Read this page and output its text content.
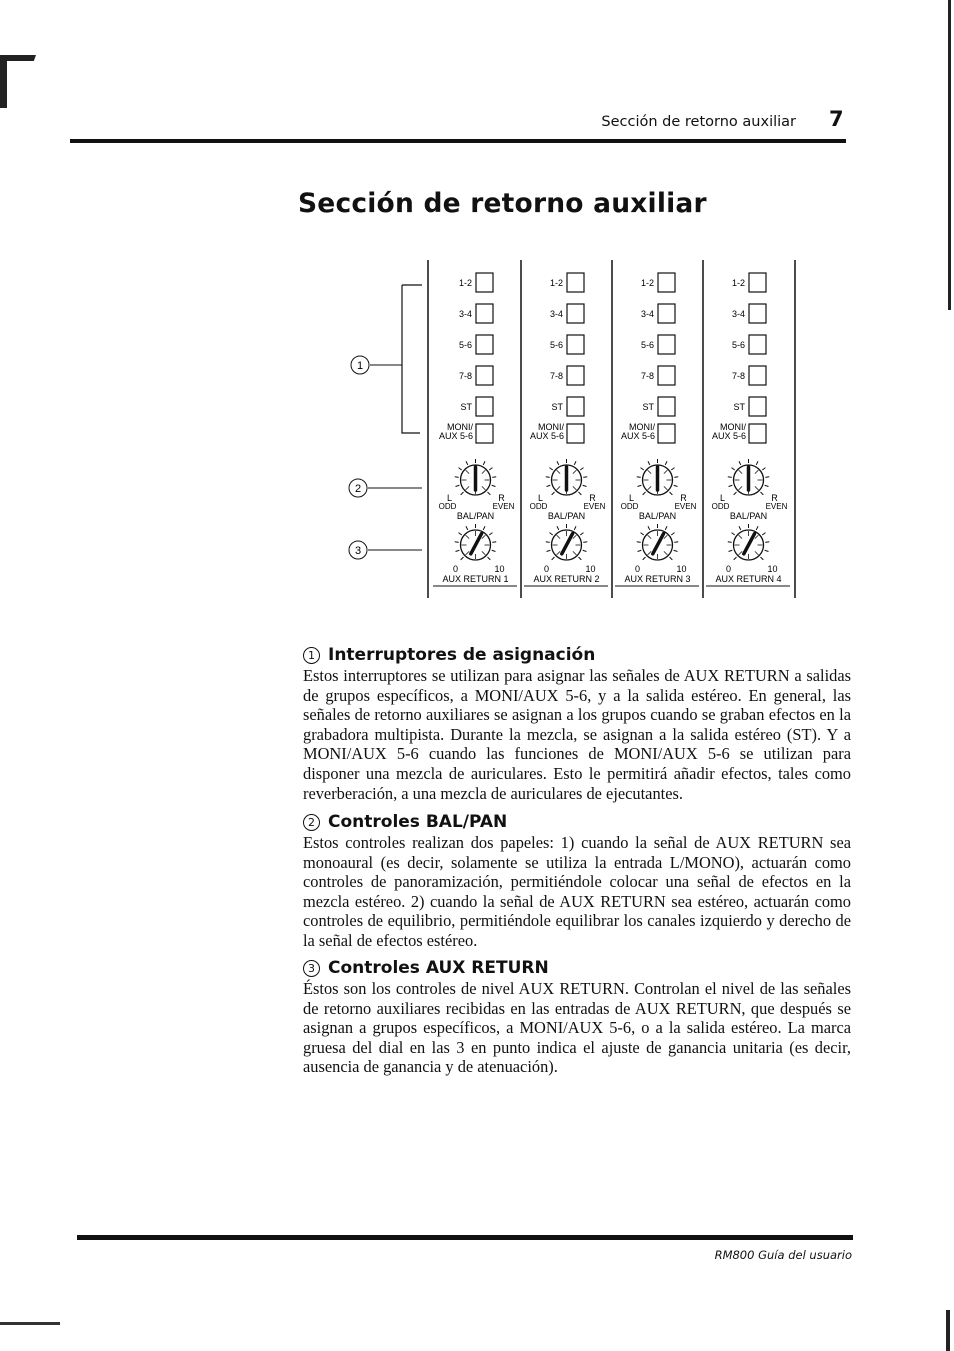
Sección de retorno auxiliar 7
Sección de retorno auxiliar
1
2
3
1-2
3-4
5-6
7-8
ST
MONI/
AUX 5-6
L	R
ODD	EVEN
BAL/PAN
0	10
AUX RETURN 1
1-2
3-4
5-6
7-8
ST
MONI/
AUX 5-6
L	R
ODD	EVEN
BAL/PAN
0	10
AUX RETURN 2
1-2
3-4
5-6
7-8
ST
MONI/
AUX 5-6
L	R
ODD	EVEN
BAL/PAN
0	10
AUX RETURN 3
1-2
3-4
5-6
7-8
ST
MONI/
AUX 5-6
L	R
ODD	EVEN
BAL/PAN
0	10
AUX RETURN 4
1 Interruptores de asignación

Estos interruptores se utilizan para asignar las señales de AUX RETURN a salidas de grupos específicos, a MONI/AUX 5-6, y a la salida estéreo. En general, las señales de retorno auxiliares se asignan a los grupos cuando se graban efectos en la grabadora multipista. Durante la mezcla, se asignan a la salida estéreo (ST). Y a MONI/AUX 5-6 cuando las funciones de MONI/AUX 5-6 se utilizan para disponer una mezcla de auriculares. Esto le permitirá añadir efectos, tales como reverberación, a una mezcla de auriculares de ejecutantes.

2 Controles BAL/PAN

Estos controles realizan dos papeles: 1) cuando la señal de AUX RETURN sea monoaural (es decir, solamente se utiliza la entrada L/MONO), actuarán como controles de panoramización, permitiéndole colocar una señal de efectos en la mezcla estéreo. 2) cuando la señal de AUX RETURN sea estéreo, actuarán como controles de equilibrio, permitiéndole equilibrar los canales izquierdo y derecho de la señal de efectos estéreo.

3 Controles AUX RETURN

Éstos son los controles de nivel AUX RETURN. Controlan el nivel de las señales de retorno auxiliares recibidas en las entradas de AUX RETURN, que después se asignan a grupos específicos, a MONI/AUX 5-6, o a la salida estéreo. La marca gruesa del dial en las 3 en punto indica el ajuste de ganancia unitaria (es decir, ausencia de ganancia y de atenuación).

RM800 Guía del usuario
